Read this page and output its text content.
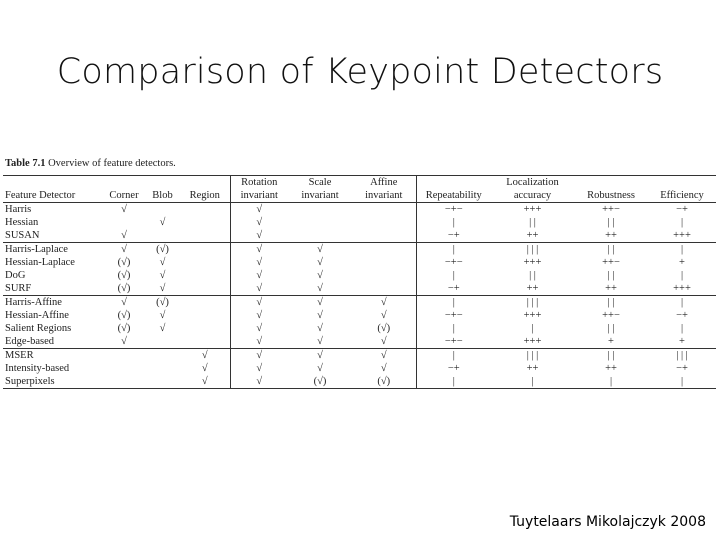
Comparison of Keypoint Detectors
Table 7.1 Overview of feature detectors.
				Rotation	Scale	Affine		Localization		
Feature Detector	Corner	Blob	Region	invariant	invariant	invariant	Repeatability	accuracy	Robustness	Efficiency
Harris	√			√			−+−	+++	++−	−+
Hessian		√		√			|	| |	| |	|
SUSAN	√			√			−+	++	++	+++
Harris-Laplace	√	(√)		√	√		|	| | |	| |	|
Hessian-Laplace	(√)	√		√	√		−+−	+++	++−	+
DoG	(√)	√		√	√		|	| |	| |	|
SURF	(√)	√		√	√		−+	++	++	+++
Harris-Affine	√	(√)		√	√	√	|	| | |	| |	|
Hessian-Affine	(√)	√		√	√	√	−+−	+++	++−	−+
Salient Regions	(√)	√		√	√	(√)	|	|	| |	|
Edge-based	√			√	√	√	−+−	+++	+	+
MSER			√	√	√	√	|	| | |	| |	| | |
Intensity-based			√	√	√	√	−+	++	++	−+
Superpixels			√	√	(√)	(√)	|	|	|	|
Tuytelaars Mikolajczyk 2008
